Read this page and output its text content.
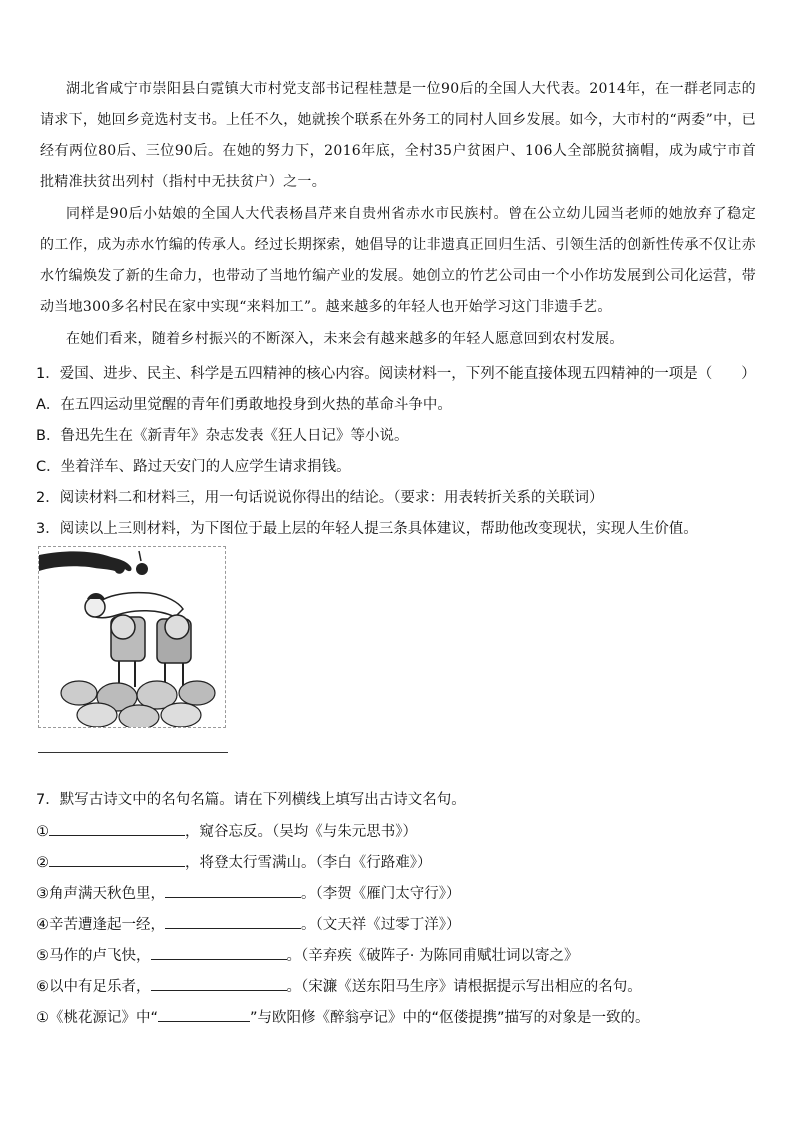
湖北省咸宁市崇阳县白霓镇大市村党支部书记程桂慧是一位90后的全国人大代表。2014年，在一群老同志的请求下，她回乡竞选村支书。上任不久，她就挨个联系在外务工的同村人回乡发展。如今，大市村的“两委”中，已经有两位80后、三位90后。在她的努力下，2016年底，全村35户贫困户、106人全部脱贫摘帽，成为咸宁市首批精准扶贫出列村（指村中无扶贫户）之一。

同样是90后小姑娘的全国人大代表杨昌芹来自贵州省赤水市民族村。曾在公立幼儿园当老师的她放弃了稳定的工作，成为赤水竹编的传承人。经过长期探索，她倡导的让非遗真正回归生活、引领生活的创新性传承不仅让赤水竹编焕发了新的生命力，也带动了当地竹编产业的发展。她创立的竹艺公司由一个小作坊发展到公司化运营，带动当地300多名村民在家中实现“来料加工”。越来越多的年轻人也开始学习这门非遗手艺。

在她们看来，随着乡村振兴的不断深入，未来会有越来越多的年轻人愿意回到农村发展。

1．爱国、进步、民主、科学是五四精神的核心内容。阅读材料一，下列不能直接体现五四精神的一项是（　　）
A．在五四运动里觉醒的青年们勇敢地投身到火热的革命斗争中。
B．鲁迅先生在《新青年》杂志发表《狂人日记》等小说。
C．坐着洋车、路过天安门的人应学生请求捐钱。
2．阅读材料二和材料三，用一句话说说你得出的结论。（要求：用表转折关系的关联词）
3．阅读以上三则材料，为下图位于最上层的年轻人提三条具体建议，帮助他改变现状，实现人生价值。
7．默写古诗文中的名句名篇。请在下列横线上填写出古诗文名句。
①	，窥谷忘反。（吴均《与朱元思书》）
②	，将登太行雪满山。（李白《行路难》）
③角声满天秋色里，	。（李贺《雁门太守行》）
④辛苦遭逢起一经，	。（文天祥《过零丁洋》）
⑤马作的卢飞快，	。（辛弃疾《破阵子· 为陈同甫赋壮词以寄之》
⑥以中有足乐者，	。（宋濂《送东阳马生序》请根据提示写出相应的名句。
①《桃花源记》中“	”与欧阳修《醉翁亭记》中的“伛偻提携”描写的对象是一致的。
